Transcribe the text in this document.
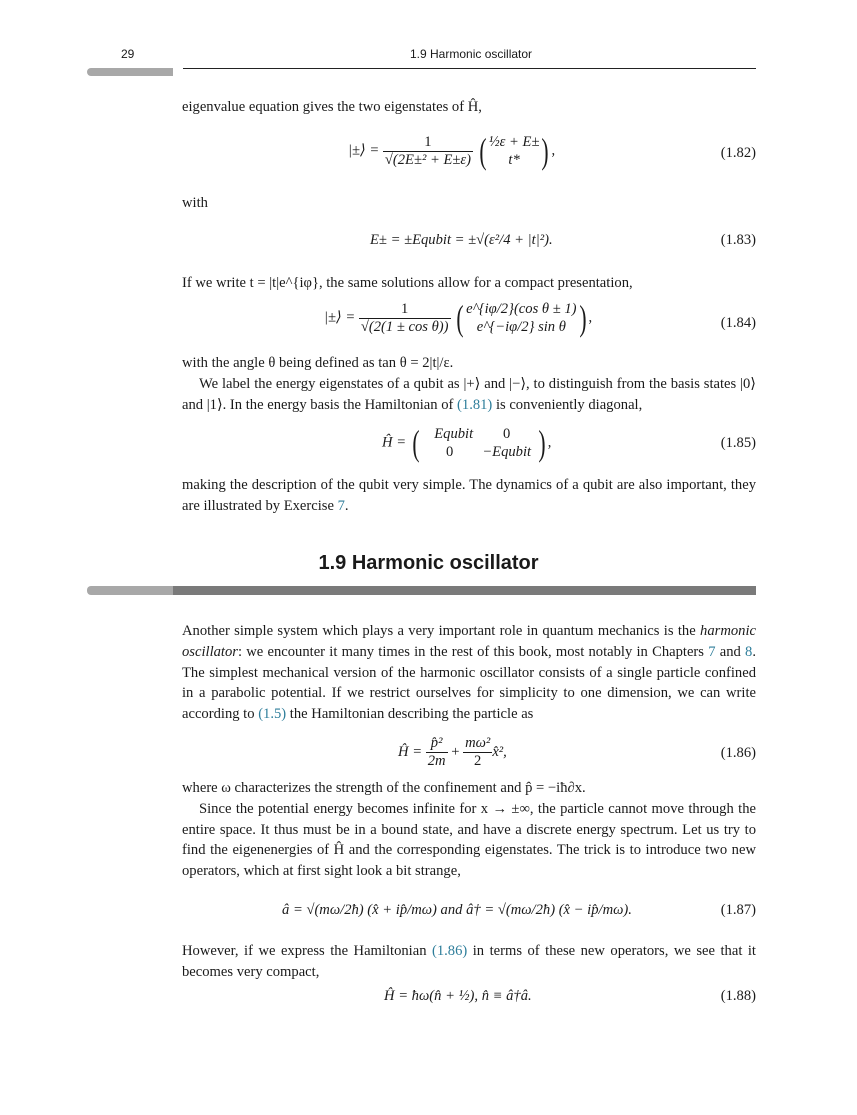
29	1.9 Harmonic oscillator

eigenvalue equation gives the two eigenstates of Ĥ,

|±⟩ = $\frac{1}{\text{√(2E±² + E±ε)}}$ ( ½ε + E±
t* ) ,	(1.82)

with

E± = ±Equbit = ±√(ε²/4 + |t|²).	(1.83)

If we write t = |t|e^{iφ}, the same solutions allow for a compact presentation,

|±⟩ = $\frac{1}{\text{√(2(1 ± cos θ))}}$ ( e^{iφ/2}(cos θ ± 1)
e^{−iφ/2} sin θ ) ,	(1.84)

with the angle θ being defined as tan θ = 2|t|/ε.

We label the energy eigenstates of a qubit as |+⟩ and |−⟩, to distinguish from the basis states |0⟩ and |1⟩. In the energy basis the Hamiltonian of (1.81) is conveniently diagonal,

Ĥ = (	Equbit 0
0 −Equbit ) ,	(1.85)

making the description of the qubit very simple. The dynamics of a qubit are also important, they are illustrated by Exercise 7.

1.9 Harmonic oscillator

Another simple system which plays a very important role in quantum mechanics is the harmonic oscillator: we encounter it many times in the rest of this book, most notably in Chapters 7 and 8. The simplest mechanical version of the harmonic oscillator consists of a single particle confined in a parabolic potential. If we restrict ourselves for simplicity to one dimension, we can write according to (1.5) the Hamiltonian describing the particle as

Ĥ = $\frac{\text{p̂²}}{2m} + \frac{\text{mω²}}{2}$ x̂²,	(1.86)

where ω characterizes the strength of the confinement and p̂ = −iħ∂x.

Since the potential energy becomes infinite for x → ±∞, the particle cannot move through the entire space. It thus must be in a bound state, and have a discrete energy spectrum. Let us try to find the eigenenergies of Ĥ and the corresponding eigenstates. The trick is to introduce two new operators, which at first sight look a bit strange,

â = √(mω/2ħ) (x̂ + ip̂/mω) and â† = √(mω/2ħ) (x̂ − ip̂/mω).	(1.87)

However, if we express the Hamiltonian (1.86) in terms of these new operators, we see that it becomes very compact,

Ĥ = ħω(n̂ + ½), n̂ ≡ â†â.	(1.88)
